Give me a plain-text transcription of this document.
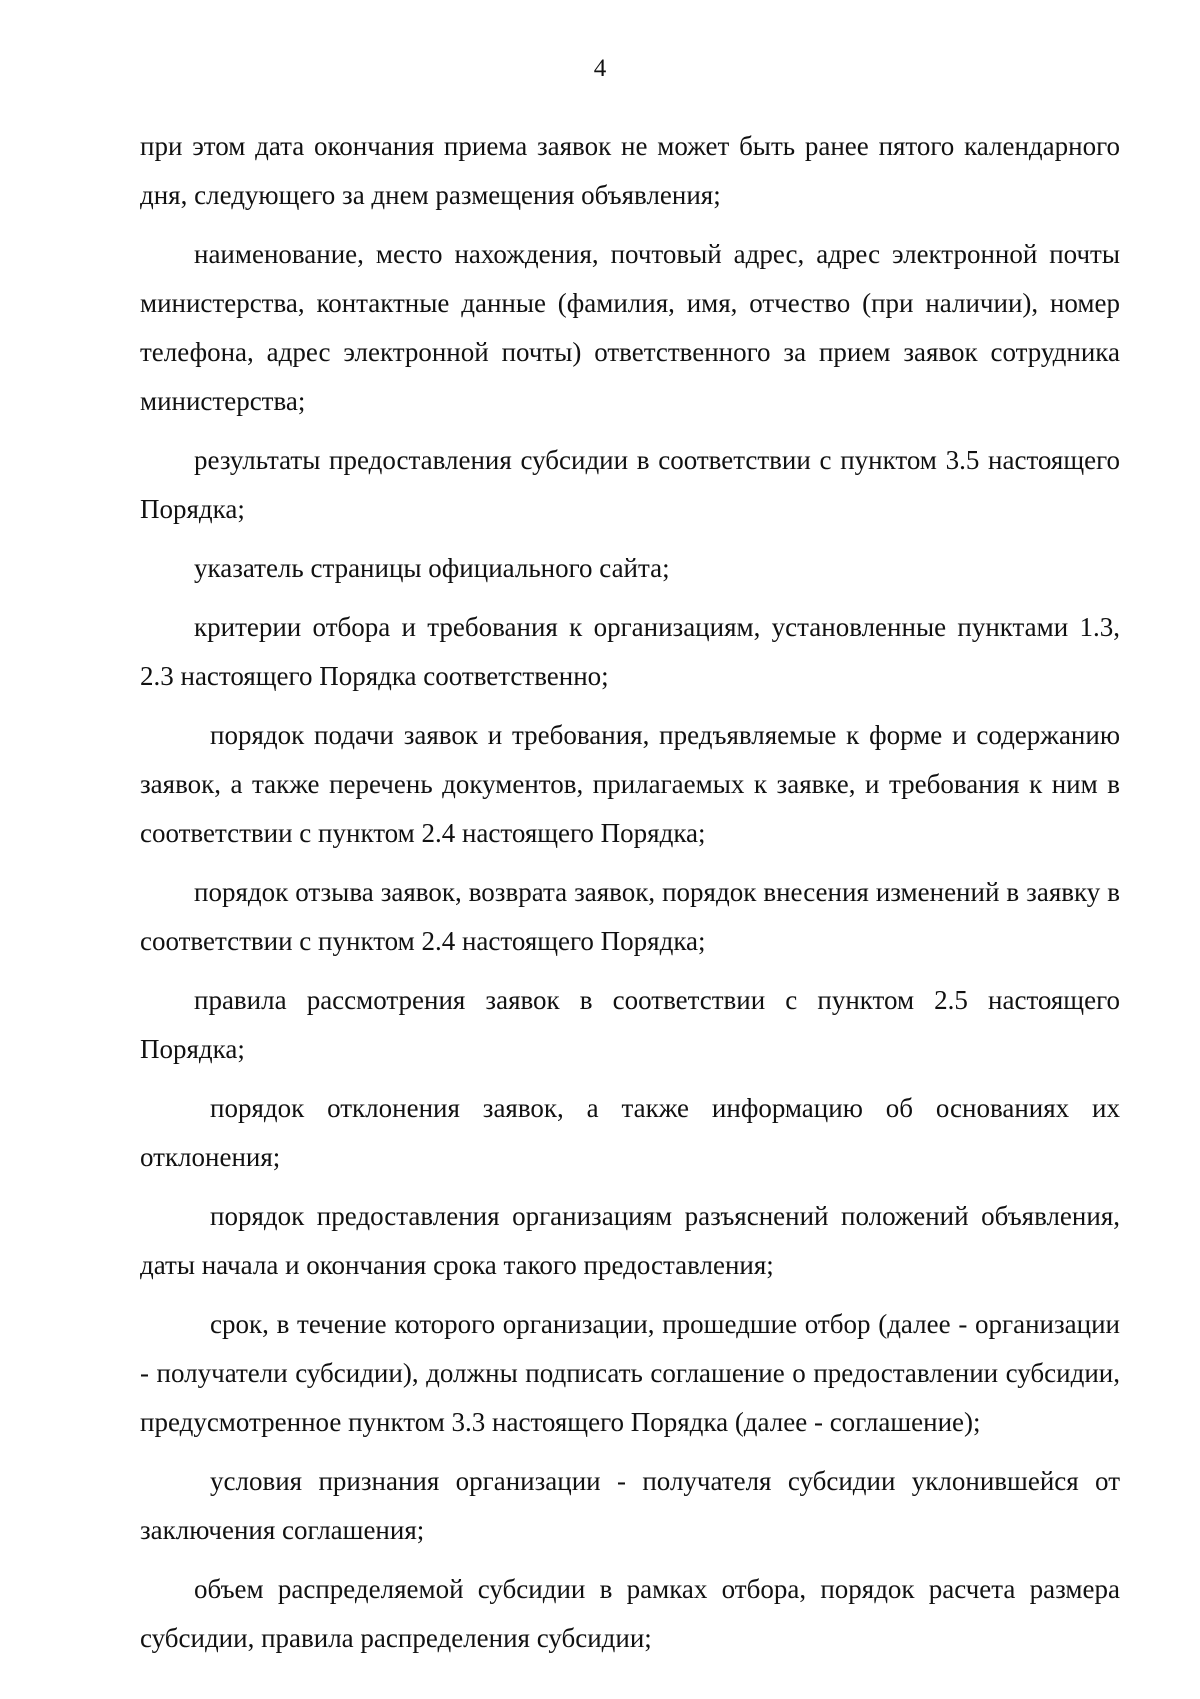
4

при этом дата окончания приема заявок не может быть ранее пятого календарного дня, следующего за днем размещения объявления;

наименование, место нахождения, почтовый адрес, адрес электронной почты министерства, контактные данные (фамилия, имя, отчество (при наличии), номер телефона, адрес электронной почты) ответственного за прием заявок сотрудника министерства;

результаты предоставления субсидии в соответствии с пунктом 3.5 настоящего Порядка;

указатель страницы официального сайта;

критерии отбора и требования к организациям, установленные пунктами 1.3, 2.3 настоящего Порядка соответственно;

порядок подачи заявок и требования, предъявляемые к форме и содержанию заявок, а также перечень документов, прилагаемых к заявке, и требования к ним в соответствии с пунктом 2.4 настоящего Порядка;

порядок отзыва заявок, возврата заявок, порядок внесения изменений в заявку в соответствии с пунктом 2.4 настоящего Порядка;

правила рассмотрения заявок в соответствии с пунктом 2.5 настоящего Порядка;

порядок отклонения заявок, а также информацию об основаниях их отклонения;

порядок предоставления организациям разъяснений положений объявления, даты начала и окончания срока такого предоставления;

срок, в течение которого организации, прошедшие отбор (далее - организации - получатели субсидии), должны подписать соглашение о предоставлении субсидии, предусмотренное пунктом 3.3 настоящего Порядка (далее - соглашение);

условия признания организации - получателя субсидии уклонившейся от заключения соглашения;

объем распределяемой субсидии в рамках отбора, порядок расчета размера субсидии, правила распределения субсидии;
